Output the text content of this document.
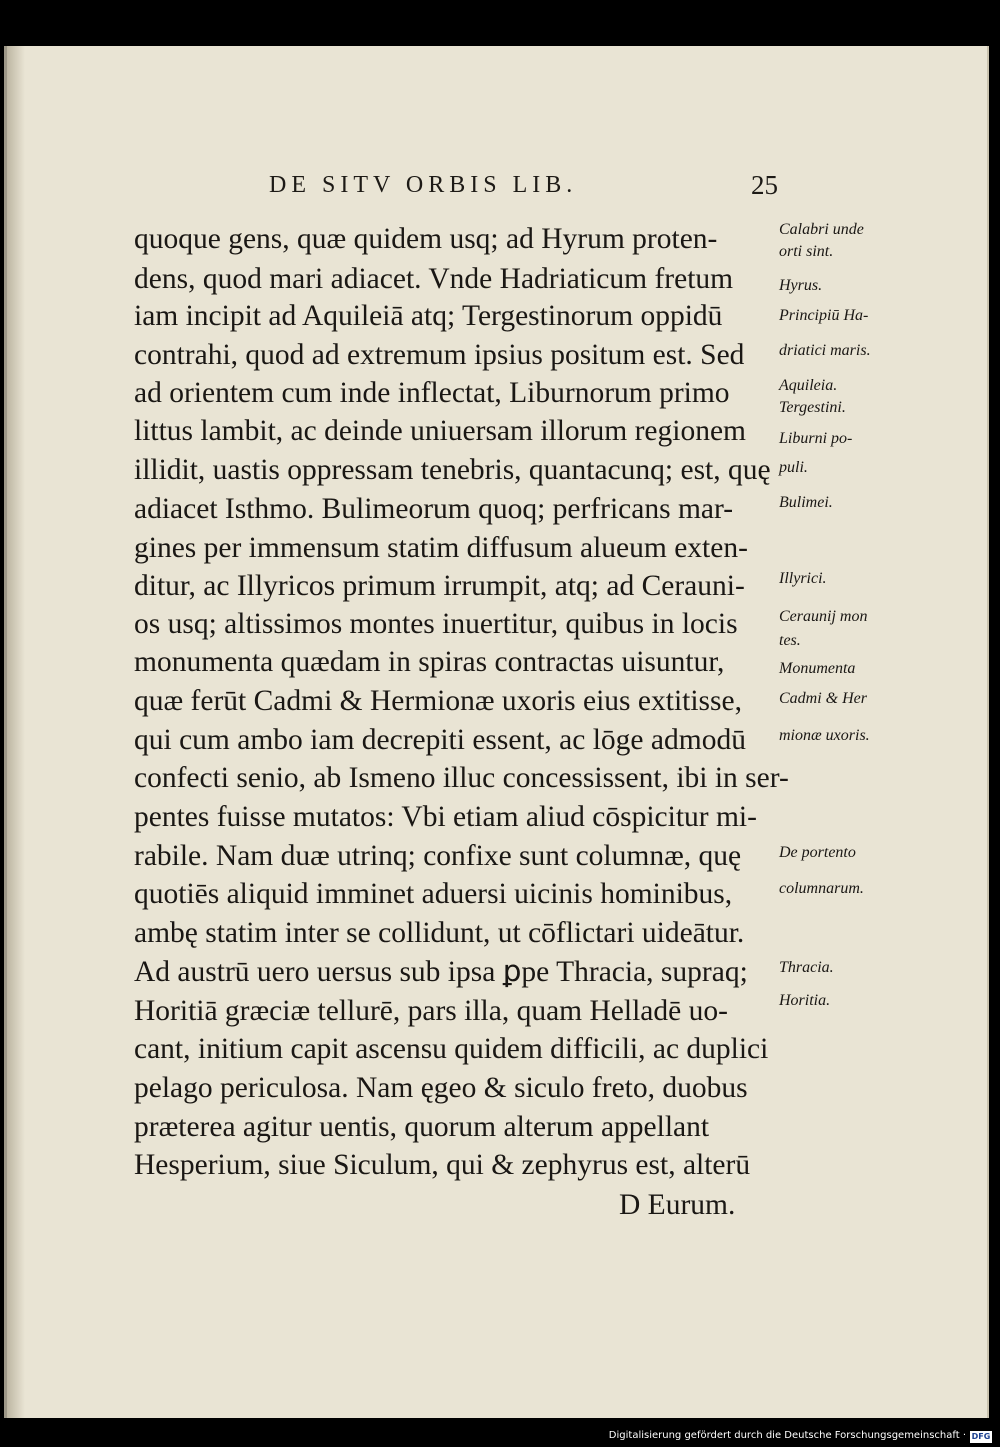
DE SITV ORBIS LIB.	25
quoque gens, quæ quidem usq; ad Hyrum proten-
dens, quod mari adiacet. Vnde Hadriaticum fretum
iam incipit ad Aquileiā atq; Tergestinorum oppidū
contrahi, quod ad extremum ipsius positum est. Sed
ad orientem cum inde inflectat, Liburnorum primo
littus lambit, ac deinde uniuersam illorum regionem
illidit, uastis oppressam tenebris, quantacunq; est, quę
adiacet Isthmo. Bulimeorum quoq; perfricans mar-
gines per immensum statim diffusum alueum exten-
ditur, ac Illyricos primum irrumpit, atq; ad Cerauni-
os usq; altissimos montes inuertitur, quibus in locis
monumenta quædam in spiras contractas uisuntur,
quæ ferūt Cadmi & Hermionæ uxoris eius extitisse,
qui cum ambo iam decrepiti essent, ac lōge admodū
confecti senio, ab Ismeno illuc concessissent, ibi in ser-
pentes fuisse mutatos: Vbi etiam aliud cōspicitur mi-
rabile. Nam duæ utrinq; confixe sunt columnæ, quę
quotiēs aliquid imminet aduersi uicinis hominibus,
ambę statim inter se collidunt, ut cōflictari uideātur.
Ad austrū uero uersus sub ipsa ꝑpe Thracia, supraq;
Horitiā græciæ tellurē, pars illa, quam Helladē uo-
cant, initium capit ascensu quidem difficili, ac duplici
pelago periculosa. Nam ęgeo & siculo freto, duobus
præterea agitur uentis, quorum alterum appellant
Hesperium, siue Siculum, qui & zephyrus est, alterū
D Eurum.
Calabri unde
orti sint.
Hyrus.
Principiū Ha-
driatici maris.
Aquileia.
Tergestini.
Liburni po-
puli.
Bulimei.
Illyrici.
Ceraunij mon
tes.
Monumenta
Cadmi & Her
mionæ uxoris.
De portento
columnarum.
Thracia.
Horitia.
Digitalisierung gefördert durch die Deutsche Forschungsgemeinschaft · DFG
